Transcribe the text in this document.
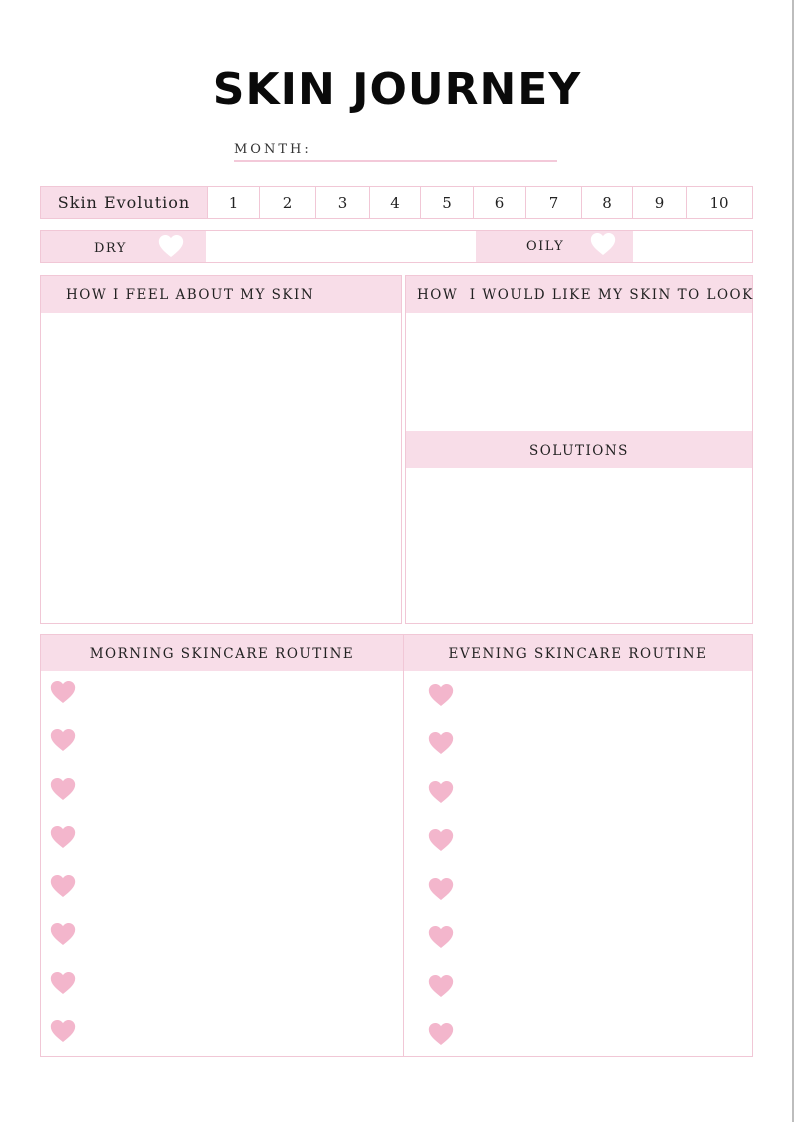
SKIN JOURNEY
MONTH:
Skin Evolution	1	2	3	4	5	6	7	8	9	10
DRY	OILY
HOW I FEEL ABOUT MY SKIN	HOW  I WOULD LIKE MY SKIN TO LOOK
SOLUTIONS
MORNING SKINCARE ROUTINE	EVENING SKINCARE ROUTINE
